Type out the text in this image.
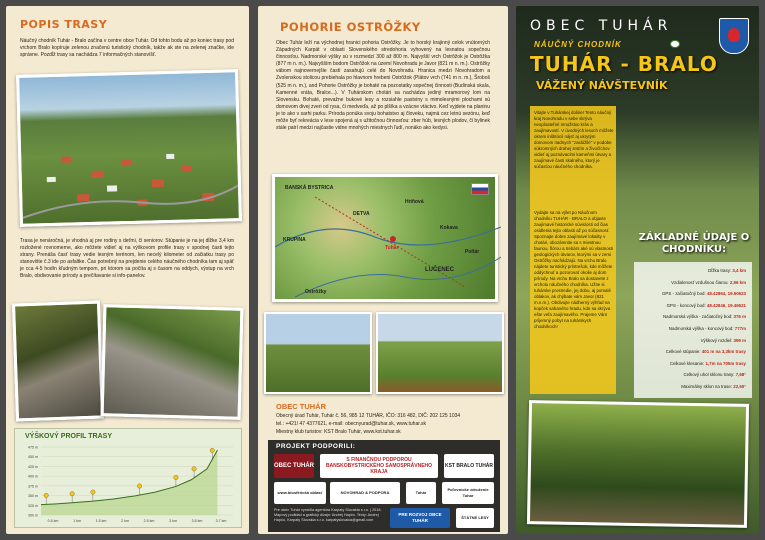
POPIS TRASY

Náučný chodník Tuhár - Bralo začína v centre obce Tuhár. Od tohto bodu až po koniec trasy pod vrchom Bralo kopíruje zelenou značenú turistický chodník, takže ak ste na zelenej značke, ide správne. Pozdĺž trasy sa nachádza 7 informačných stanovíšť.

Trasa je nenáročná, je vhodná aj pre rodiny s deťmi, či seniorov. Stúpanie je na jej dĺžke 3,4 km rozložené rovnomerne, ako môžete vidieť aj na výškovom profile trasy v spodnej časti tejto strany. Prenáša časť trasy vedie lesným terénom, len necelý kilometer od začiatku trasy po stanovište č.3 ide po asfaltke. Čas potrebný na prejdenie celého náučného chodníka tam aj späť je cca 4-5 hodín kľudným tempom, pri ktorom sa počíta aj s časom na oddych, výstup na vrch Bralo, obdivovanie prírody a prečítavanie si info-panelov.

VÝŠKOVÝ PROFIL TRASY
475 m
450 m
425 m
400 m
375 m
350 m
325 m
300 m
0.5 km	1 km	1.5 km	2 km	2.5 km	3 km	3.5 km	3.7 km
POHORIE OSTRÔŽKY

Obec Tuhár leží na východnej hranici pohoria Ostrôžky. Je to horský krajinný celok vnútorných Západných Karpát v oblasti Slovenského stredohoria vyhovený na lesnatou sopečnou činnosťou. Nadmorské výšky sú v rozmedzí 300 až 800 m. Najvyšší vrch Ostrôžok je Ostrôžka (877 m n. m.). Najvyšším bodom Ostrôžok na území Novohradu je Javor (821 m n. m.). Ostrôžky vábom najnovernejšie častí zasahujú celé do Novohradu. Hranica medzi Novohradom a Zvolenskou stolicou prebiehala po hlavnom hrebeni Ostrôžok (Plátov vrch (741 m n. m.), Šroboš (525 m n. m.), and Pohorie Ostrôžky je bohaté na pozostatky sopečnej činnosti (Budinská skala, Kamenné vráta, Bralce...). V Tuhárskom chotári sa nachádza jediný mramorový lom na Slovensku. Bohaté, prevažne bukové lesy a rozsiahle pastviny s mimolesnými plochami sú domovom divej zveri od rysa, či medveďa, až po plšíka a vzácne vtáctvo. Keď vyjdete na planinu je to ako v sarhi parku. Príroda ponúka svoju bohatstvo aj človeku, najmä cez letnú sezónu, keď môže byť rekreácia v lese spojená aj s užitočnou činnosťou: zber húb, lesných plodov, či bylinek stále patrí medzi najčastie vidne mnohých miestnych ľudí, nonáko ako kedysi.

BANSKÁ BYSTRICA
DETVA
Hriňová
Kokava
LUČENEC
Poltár
Tuhár
KRUPINA
Ostrôžky
OBEC TUHÁR
Obecný úrad Tuhár, Tuhár č. 56, 985 12 TUHÁR, IČO: 316 482, DIČ: 202 125 1034
tel.: +421/ 47 4377621, e-mail: obecnyurad@tuhar.sk, www.tuhar.sk
Miestny klub turistov: KST Bralo Tuhár, www.kst.tuhar.sk
PROJEKT PODPORILI:
OBEC TUHÁR
S FINANČNOU PODPOROU BANSKOBYSTRICKÉHO SAMOSPRÁVNEHO KRAJA
KST BRALO TUHÁR
www.biosférická oblasť	NOVOHRAD & PODPORA	Tuhár
Poľovnícke združenie Tuhár
Pre obec Tuhár vyrobila agentúra Karpaty Slovakia s.r.o. | 2018. Mapový podklad a grafický dizajn: Andrej Hapčo. Texty: Andrej Hapčo, Karpaty Slovakia s.r.o. karpatyslovakia@gmail.com
PRE ROZVOJ OBCE TUHÁR
ŠTÁTNE LESY
OBEC TUHÁR
NÁUČNÝ CHODNÍK
TUHÁR - BRALO
VÁŽENÝ NÁVŠTEVNÍK

Vitajte v Tuhárskej doline! Tento náučný kraj Novohradu v sebe skrýva neopísateľné množstvo krás a zaujímavostí. V úvodných lesoch môžete okrem inštitúcií nájsť aj ukrytým domovom riadnych "zaslúžilé" v podobe súkromných drahej srstím a živočíchov vidieť aj poznávacími kameňmi útvary a zaujímavé časti skalného, ktorý je súčasťou náučného chodníka.

Vydajte sa na výlet po Náučnom chodníku TUHÁR - BRALO a objavte zaujímavé historické súvislosti od čias osídlenia tejto oblasti až po súčasnosť. Spoznajte dobre zaujímavé lokality v chotári, obozámnite sa s miestnou faunou, flórou a trebárs aké sú vlastnosti geologických útvarov, ktorými sa v zemi Ostrôžky nachádzajú. Na vrchu Bralo nájdete turistický prístrešok, kde môžete oddýchnuť a pozorovať okolie aj dom prírody. Na vrchu Bralo sa dostanete z vrcholu náučného chodníka. Užite si tuhárske prostredie, jej dobu, aj pomalé oblakov, ak chýbate vám Javor (821 m.n.m.). Obdivujte nádherný výhľad na kopček sahaného hradu, kde sa skrýva ešte veľa zaujímavého. Prajeme Vám príjemný pobyt na tuhárskych chodníkoch!

ZÁKLADNÉ ÚDAJE O CHODNÍKU:
Dĺžka trasy: 3,4 km
Vzdialenosť vzdušnou čiarou: 2,96 km
GPS - začiatočný bod: 48.42864, 19.50623
GPS - koncový bod: 48.42846, 19.46621
Nadmorská výška - začiatočný bod: 376 m
Nadmorská výška - koncový bod: 777m
Výškový rozdiel: 399 m
Celkové stúpanie: 401 m na 3,3km trasy
Celkové klesanie: 1,7m na 705m trasy
Celkový uhol sklonu trasy: 7,68°
Maximálny sklon na trase: 22,50°
